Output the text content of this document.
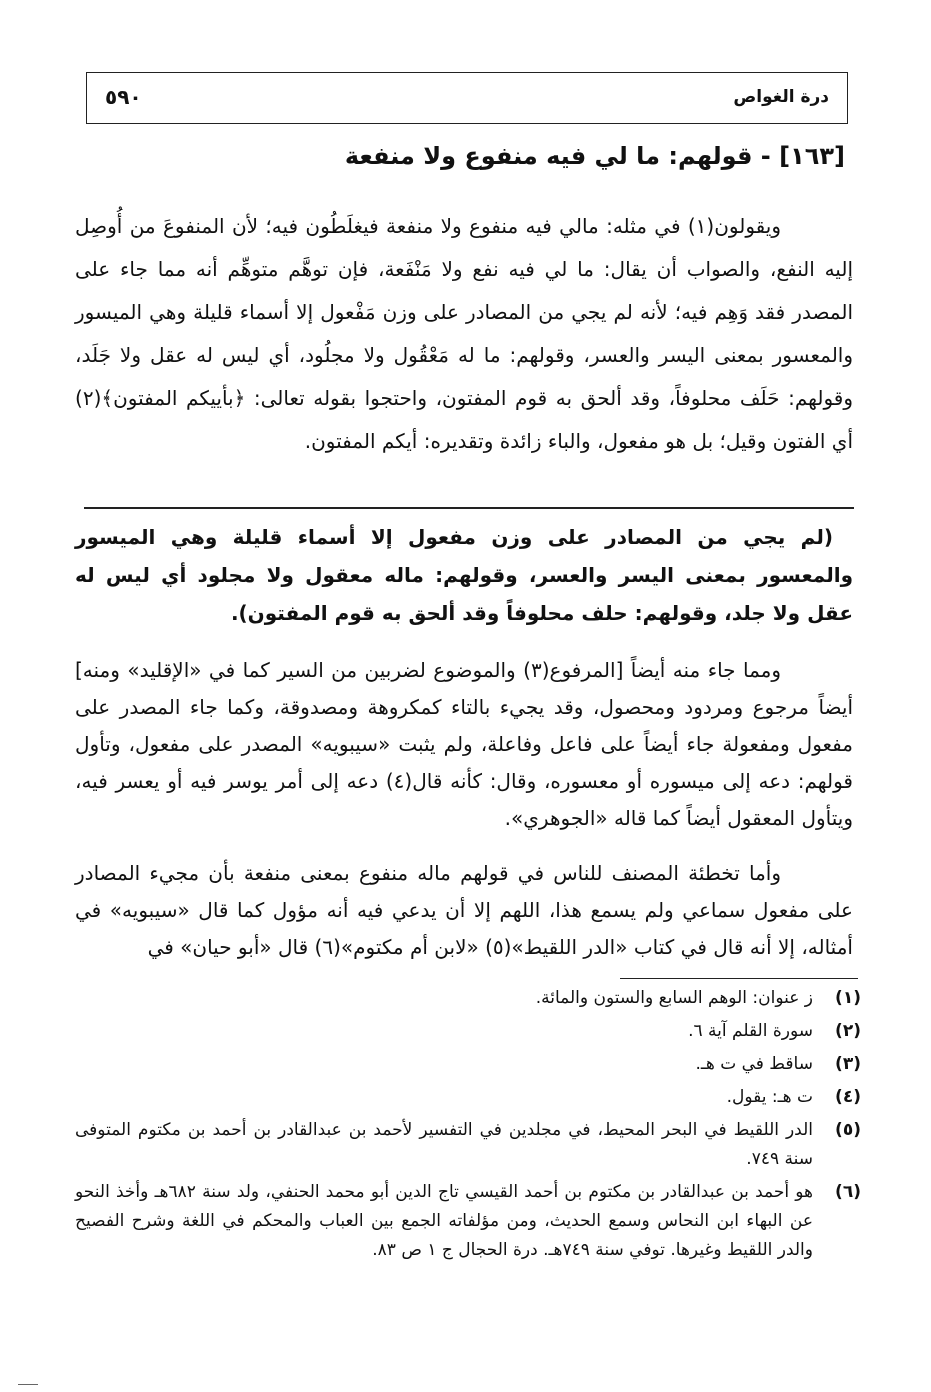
درة الغواص
٥٩٠
[١٦٣] - قولهم: ما لي فيه منفوع ولا منفعة
ويقولون(١) في مثله: مالي فيه منفوع ولا منفعة فيغلَطُون فيه؛ لأن المنفوعَ من أُوصِل إليه النفع، والصواب أن يقال: ما لي فيه نفع ولا مَنْفَعة، فإن توهَّم متوهِّم أنه مما جاء على المصدر فقد وَهِم فيه؛ لأنه لم يجي من المصادر على وزن مَفْعول إلا أسماء قليلة وهي الميسور والمعسور بمعنى اليسر والعسر، وقولهم: ما له مَعْقُول ولا مجلُود، أي ليس له عقل ولا جَلَد، وقولهم: حَلَف محلوفاً، وقد ألحق به قوم المفتون، واحتجوا بقوله تعالى: ﴿بأييكم المفتون﴾(٢) أي الفتون وقيل؛ بل هو مفعول، والباء زائدة وتقديره: أيكم المفتون.
(لم يجي من المصادر على وزن مفعول إلا أسماء قليلة وهي الميسور والمعسور بمعنى اليسر والعسر، وقولهم: ماله معقول ولا مجلود أي ليس له عقل ولا جلد، وقولهم: حلف محلوفاً وقد ألحق به قوم المفتون).
ومما جاء منه أيضاً [المرفوع(٣) والموضوع لضربين من السير كما في «الإقليد» ومنه] أيضاً مرجوع ومردود ومحصول، وقد يجيء بالتاء كمكروهة ومصدوقة، وكما جاء المصدر على مفعول ومفعولة جاء أيضاً على فاعل وفاعلة، ولم يثبت «سيبويه» المصدر على مفعول، وتأول قولهم: دعه إلى ميسوره أو معسوره، وقال: كأنه قال(٤) دعه إلى أمر يوسر فيه أو يعسر فيه، ويتأول المعقول أيضاً كما قاله «الجوهري».
وأما تخطئة المصنف للناس في قولهم ماله منفوع بمعنى منفعة بأن مجيء المصادر على مفعول سماعي ولم يسمع هذا، اللهم إلا أن يدعي فيه أنه مؤول كما قال «سيبويه» في أمثاله، إلا أنه قال في كتاب «الدر اللقيط»(٥) «لابن أم مكتوم»(٦) قال «أبو حيان» في
(١)
ز عنوان: الوهم السابع والستون والمائة.
(٢)
سورة القلم آية ٦.
(٣)
ساقط في ت هـ.
(٤)
ت هـ: يقول.
(٥)
الدر اللقيط في البحر المحيط، في مجلدين في التفسير لأحمد بن عبدالقادر بن أحمد بن مكتوم المتوفى سنة ٧٤٩.
(٦)
هو أحمد بن عبدالقادر بن مكتوم بن أحمد القيسي تاج الدين أبو محمد الحنفي، ولد سنة ٦٨٢هـ وأخذ النحو عن البهاء ابن النحاس وسمع الحديث، ومن مؤلفاته الجمع بين العباب والمحكم في اللغة وشرح الفصيح والدر اللقيط وغيرها. توفي سنة ٧٤٩هـ. درة الحجال ج ١ ص ٨٣.
